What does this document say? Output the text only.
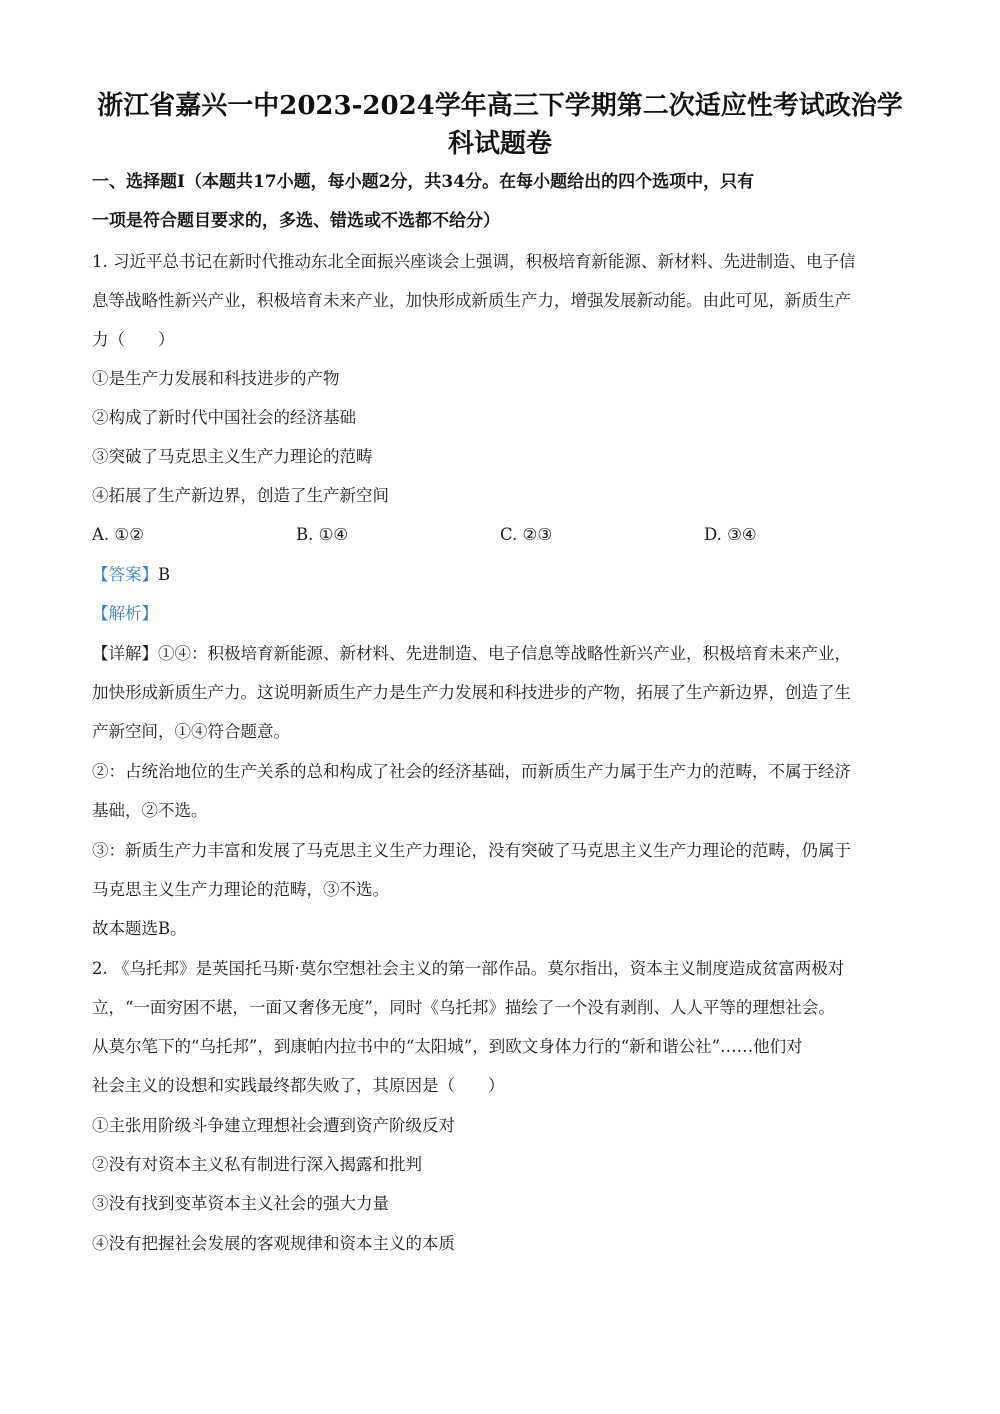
浙江省嘉兴一中2023-2024学年高三下学期第二次适应性考试政治学
科试题卷
一、选择题Ⅰ（本题共17小题，每小题2分，共34分。在每小题给出的四个选项中，只有
一项是符合题目要求的，多选、错选或不选都不给分）
1. 习近平总书记在新时代推动东北全面振兴座谈会上强调，积极培育新能源、新材料、先进制造、电子信
息等战略性新兴产业，积极培育未来产业，加快形成新质生产力，增强发展新动能。由此可见，新质生产
力（　　）
①是生产力发展和科技进步的产物
②构成了新时代中国社会的经济基础
③突破了马克思主义生产力理论的范畴
④拓展了生产新边界，创造了生产新空间
A. ①②	B. ①④	C. ②③	D. ③④
【答案】B
【解析】
【详解】①④：积极培育新能源、新材料、先进制造、电子信息等战略性新兴产业，积极培育未来产业，
加快形成新质生产力。这说明新质生产力是生产力发展和科技进步的产物，拓展了生产新边界，创造了生
产新空间，①④符合题意。
②：占统治地位的生产关系的总和构成了社会的经济基础，而新质生产力属于生产力的范畴，不属于经济
基础，②不选。
③：新质生产力丰富和发展了马克思主义生产力理论，没有突破了马克思主义生产力理论的范畴，仍属于
马克思主义生产力理论的范畴，③不选。
故本题选B。
2. 《乌托邦》是英国托马斯·莫尔空想社会主义的第一部作品。莫尔指出，资本主义制度造成贫富两极对
立，“一面穷困不堪，一面又奢侈无度”，同时《乌托邦》描绘了一个没有剥削、人人平等的理想社会。
从莫尔笔下的“乌托邦”，到康帕内拉书中的“太阳城”，到欧文身体力行的“新和谐公社”……他们对
社会主义的设想和实践最终都失败了，其原因是（　　）
①主张用阶级斗争建立理想社会遭到资产阶级反对
②没有对资本主义私有制进行深入揭露和批判
③没有找到变革资本主义社会的强大力量
④没有把握社会发展的客观规律和资本主义的本质
